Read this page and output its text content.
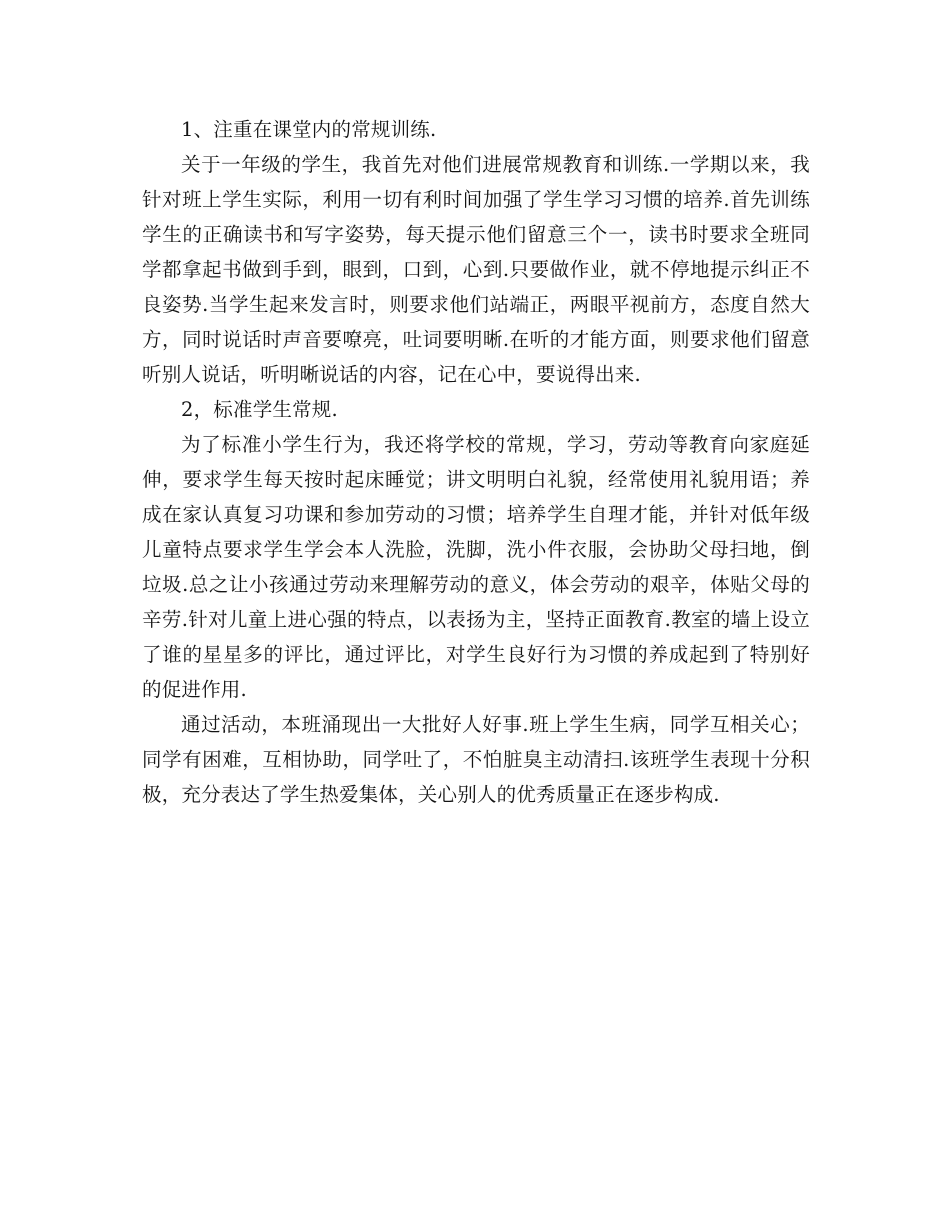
1、注重在课堂内的常规训练.

关于一年级的学生，我首先对他们进展常规教育和训练.一学期以来，我针对班上学生实际，利用一切有利时间加强了学生学习习惯的培养.首先训练学生的正确读书和写字姿势，每天提示他们留意三个一，读书时要求全班同学都拿起书做到手到，眼到，口到，心到.只要做作业，就不停地提示纠正不良姿势.当学生起来发言时，则要求他们站端正，两眼平视前方，态度自然大方，同时说话时声音要嘹亮，吐词要明晰.在听的才能方面，则要求他们留意听别人说话，听明晰说话的内容，记在心中，要说得出来.

2，标准学生常规.

为了标准小学生行为，我还将学校的常规，学习，劳动等教育向家庭延伸，要求学生每天按时起床睡觉；讲文明明白礼貌，经常使用礼貌用语；养成在家认真复习功课和参加劳动的习惯；培养学生自理才能，并针对低年级儿童特点要求学生学会本人洗脸，洗脚，洗小件衣服，会协助父母扫地，倒垃圾.总之让小孩通过劳动来理解劳动的意义，体会劳动的艰辛，体贴父母的辛劳.针对儿童上进心强的特点，以表扬为主，坚持正面教育.教室的墙上设立了谁的星星多的评比，通过评比，对学生良好行为习惯的养成起到了特别好的促进作用.

通过活动，本班涌现出一大批好人好事.班上学生生病，同学互相关心；同学有困难，互相协助，同学吐了，不怕脏臭主动清扫.该班学生表现十分积极，充分表达了学生热爱集体，关心别人的优秀质量正在逐步构成.
